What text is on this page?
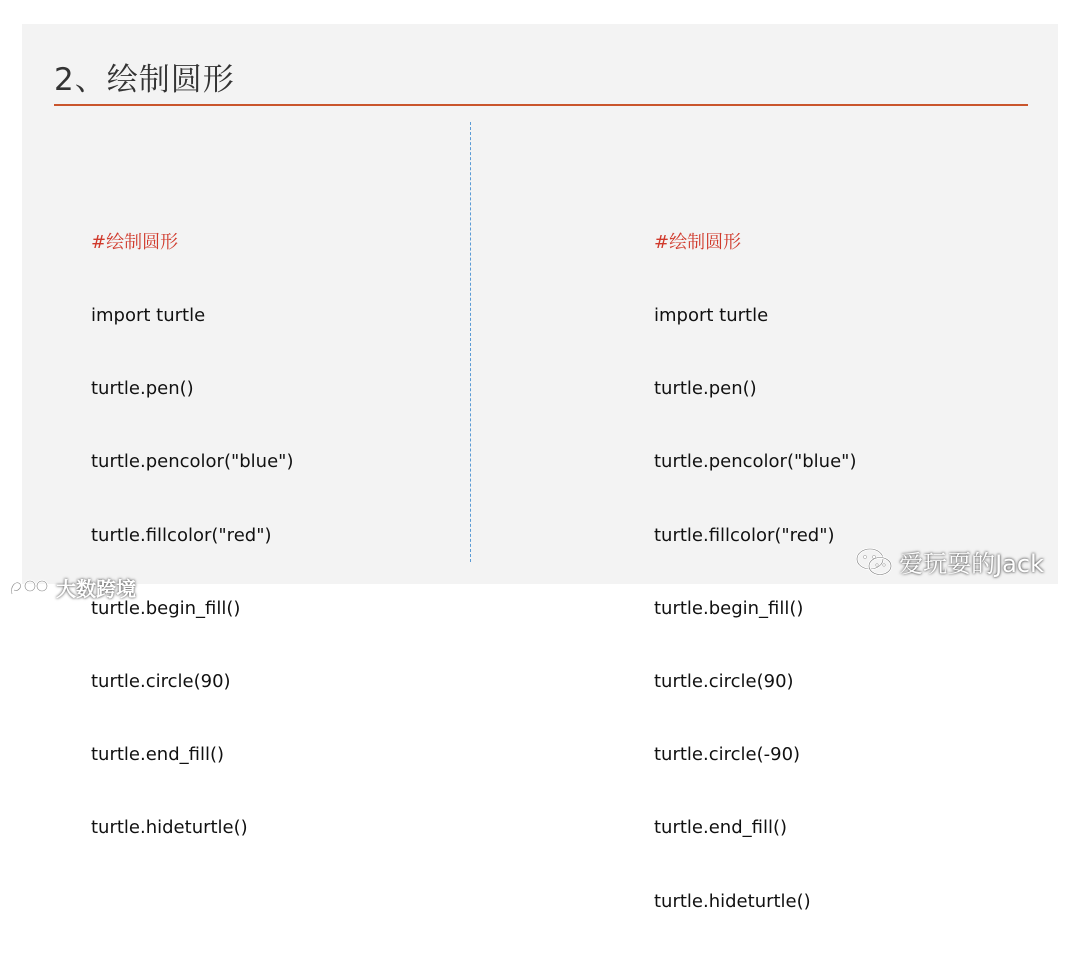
2、绘制圆形

#绘制圆形

import turtle

turtle.pen()

turtle.pencolor("blue")

turtle.fillcolor("red")

turtle.begin_fill()

turtle.circle(90)

turtle.end_fill()

turtle.hideturtle()

#绘制圆形

import turtle

turtle.pen()

turtle.pencolor("blue")

turtle.fillcolor("red")

turtle.begin_fill()

turtle.circle(90)

turtle.circle(-90)

turtle.end_fill()

turtle.hideturtle()

爱玩耍的Jack
大数跨境
